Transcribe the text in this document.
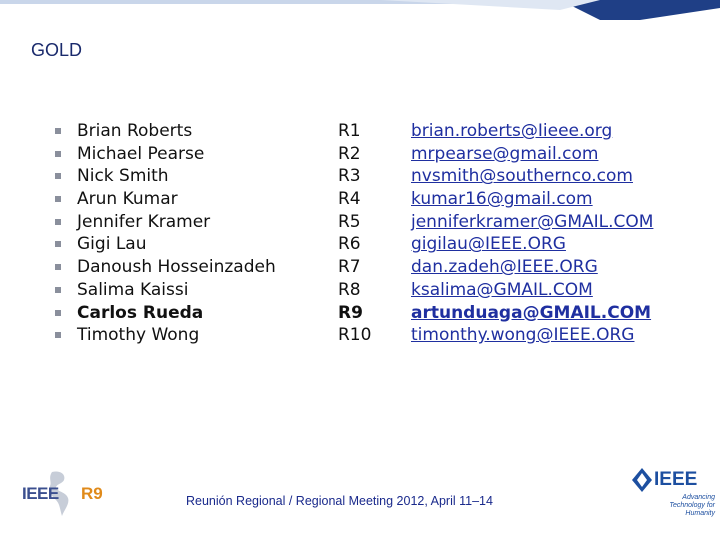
GOLD
Brian Roberts	R1	brian.roberts@Iieee.org
Michael Pearse	R2	mrpearse@gmail.com
Nick Smith	R3	nvsmith@southernco.com
Arun Kumar	R4	kumar16@gmail.com
Jennifer Kramer	R5	jenniferkramer@GMAIL.COM
Gigi Lau	R6	gigilau@IEEE.ORG
Danoush Hosseinzadeh	R7	dan.zadeh@IEEE.ORG
Salima Kaissi	R8	ksalima@GMAIL.COM
Carlos Rueda	R9	artunduaga@GMAIL.COM
Timothy Wong	R10 timonthy.wong@IEEE.ORG
IEEE R9	Reunión Regional / Regional Meeting 2012, April 11–14
IEEE
Advancing Technology for Humanity
